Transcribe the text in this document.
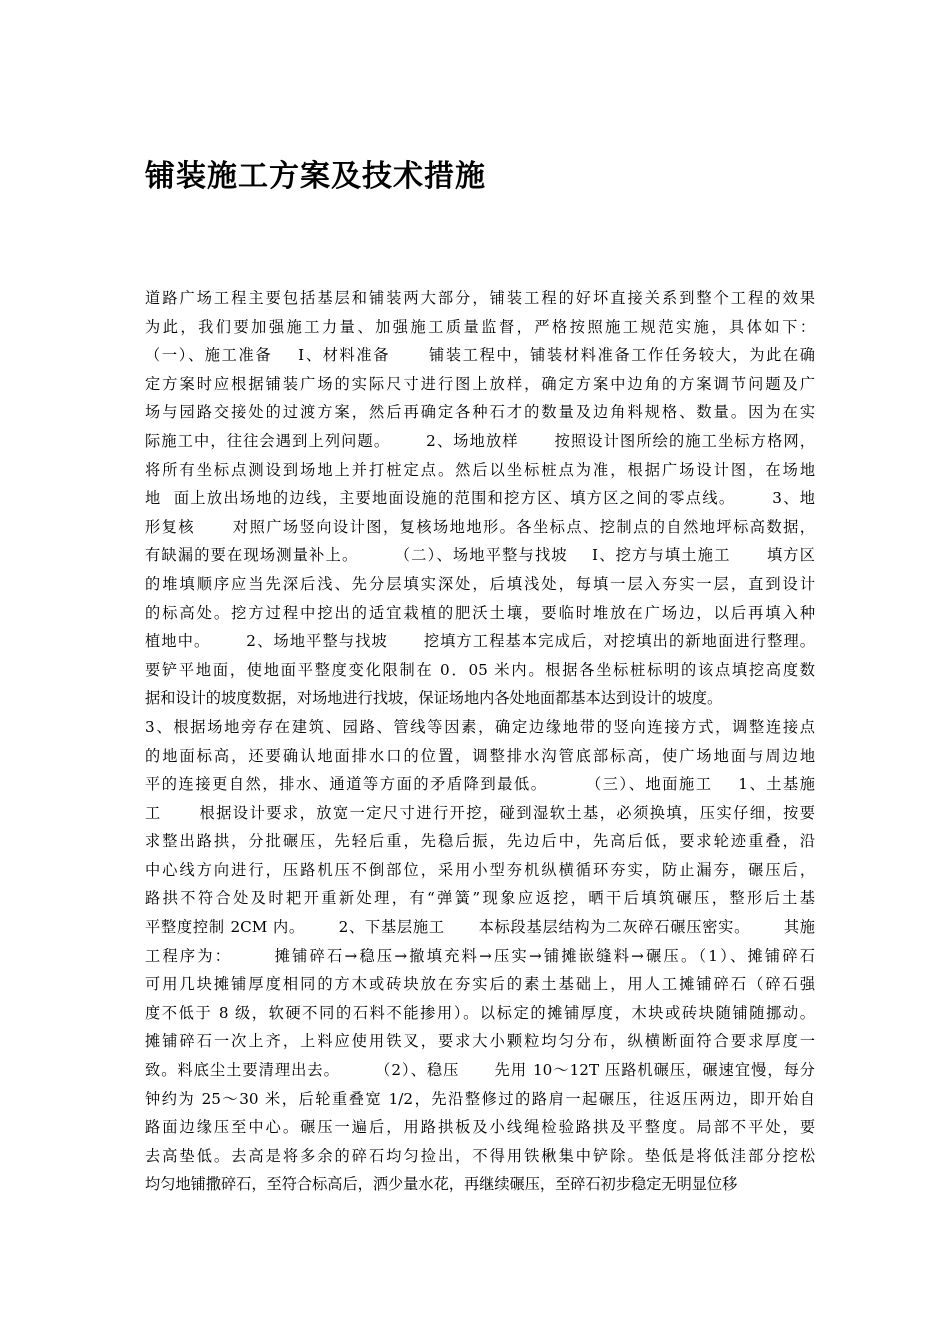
铺装施工方案及技术措施
道路广场工程主要包括基层和铺装两大部分，铺装工程的好坏直接关系到整个工程的效果
为此，我们要加强施工力量、加强施工质量监督，严格按照施工规范实施，具体如下：
（一）、施工准备    I、材料准备      铺装工程中，铺装材料准备工作任务较大，为此在确
定方案时应根据铺装广场的实际尺寸进行图上放样，确定方案中边角的方案调节问题及广
场与园路交接处的过渡方案，然后再确定各种石才的数量及边角料规格、数量。因为在实
际施工中，往往会遇到上列问题。      2、场地放样      按照设计图所绘的施工坐标方格网，
将所有坐标点测设到场地上并打桩定点。然后以坐标桩点为准，根据广场设计图，在场地
地  面上放出场地的边线，主要地面设施的范围和挖方区、填方区之间的零点线。      3、地
形复核      对照广场竖向设计图，复核场地地形。各坐标点、挖制点的自然地坪标高数据，
有缺漏的要在现场测量补上。      （二）、场地平整与找坡    I、挖方与填土施工      填方区
的堆填顺序应当先深后浅、先分层填实深处，后填浅处，每填一层入夯实一层，直到设计
的标高处。挖方过程中挖出的适宜栽植的肥沃土壤，要临时堆放在广场边，以后再填入种
植地中。      2、场地平整与找坡      挖填方工程基本完成后，对挖填出的新地面进行整理。
要铲平地面，使地面平整度变化限制在 0．05 米内。根据各坐标桩标明的该点填挖高度数
据和设计的坡度数据，对场地进行找坡，保证场地内各处地面都基本达到设计的坡度。
3、根据场地旁存在建筑、园路、管线等因素，确定边缘地带的竖向连接方式，调整连接点
的地面标高，还要确认地面排水口的位置，调整排水沟管底部标高，使广场地面与周边地
平的连接更自然，排水、通道等方面的矛盾降到最低。      （三）、地面施工    1、土基施
工      根据设计要求，放宽一定尺寸进行开挖，碰到湿软土基，必须换填，压实仔细，按要
求整出路拱，分批碾压，先轻后重，先稳后振，先边后中，先高后低，要求轮迹重叠，沿
中心线方向进行，压路机压不倒部位，采用小型夯机纵横循环夯实，防止漏夯，碾压后，
路拱不符合处及时耙开重新处理，有“弹簧”现象应返挖，晒干后填筑碾压，整形后土基
平整度控制 2CM 内。      2、下基层施工      本标段基层结构为二灰碎石碾压密实。      其施
工程序为：      摊铺碎石→稳压→撤填充料→压实→铺摊嵌缝料→碾压。（1）、摊铺碎石
可用几块摊铺厚度相同的方木或砖块放在夯实后的素土基础上，用人工摊铺碎石（碎石强
度不低于 8 级，软硬不同的石料不能掺用）。以标定的摊铺厚度，木块或砖块随铺随挪动。
摊铺碎石一次上齐，上料应使用铁叉，要求大小颗粒均匀分布，纵横断面符合要求厚度一
致。料底尘土要清理出去。      （2）、稳压      先用 10～12T 压路机碾压，碾速宜慢，每分
钟约为 25～30 米，后轮重叠宽 1/2，先沿整修过的路肩一起碾压，往返压两边，即开始自
路面边缘压至中心。碾压一遍后，用路拱板及小线绳检验路拱及平整度。局部不平处，要
去高垫低。去高是将多余的碎石均匀捡出，不得用铁楸集中铲除。垫低是将低洼部分挖松
均匀地铺撒碎石，至符合标高后，洒少量水花，再继续碾压，至碎石初步稳定无明显位移
